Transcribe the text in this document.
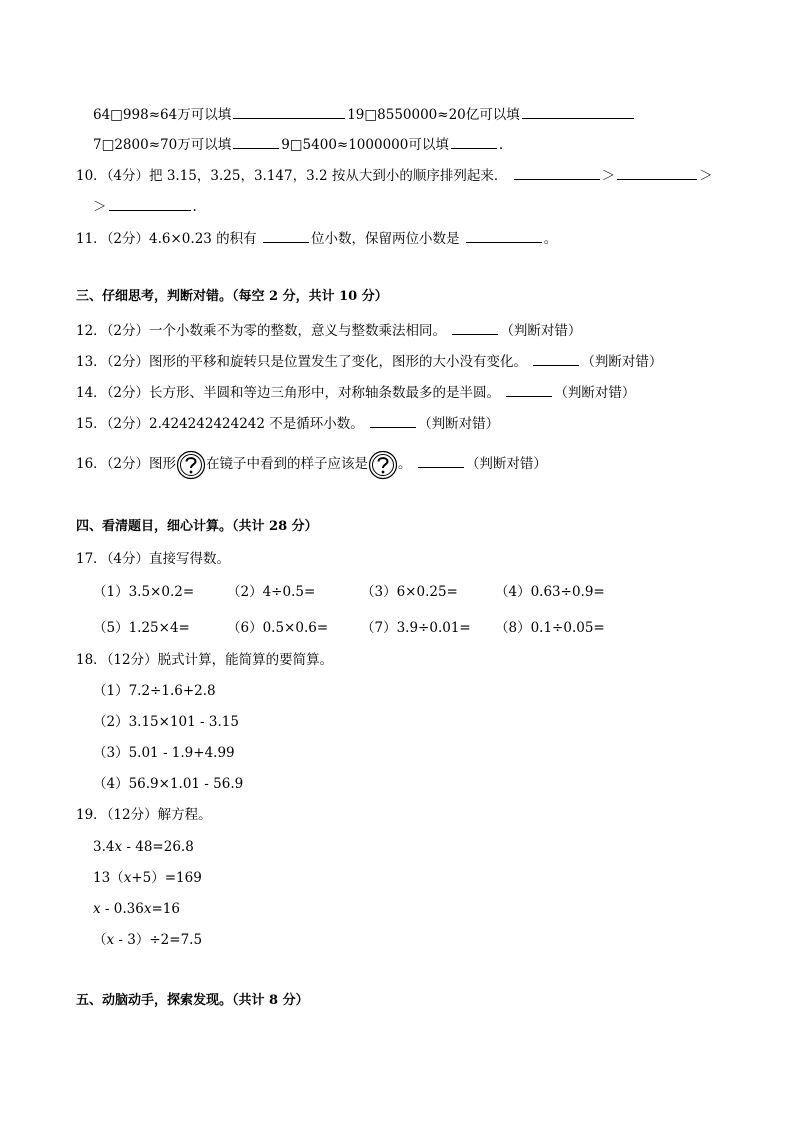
64□998≈64万可以填	19□8550000≈20亿可以填
7□2800≈70万可以填	9□5400≈1000000可以填	.
10．（4分）把 3.15，3.25，3.147，3.2 按从大到小的顺序排列起来．	＞	＞
＞	.
11．（2分）4.6×0.23 的积有	位小数，保留两位小数是	。
三、仔细思考，判断对错。（每空 2 分，共计 10 分）
12．（2分）一个小数乘不为零的整数，意义与整数乘法相同。	（判断对错）
13．（2分）图形的平移和旋转只是位置发生了变化，图形的大小没有变化。	（判断对错）
14．（2分）长方形、半圆和等边三角形中，对称轴条数最多的是半圆。	（判断对错）
15．（2分）2.424242424242 不是循环小数。	（判断对错）
16．（2分）图形 在镜子中看到的样子应该是 。	（判断对错）
四、看清题目，细心计算。（共计 28 分）
17．（4分）直接写得数。
（1）3.5×0.2= （2）4÷0.5=	（3）6×0.25=	（4）0.63÷0.9=
（5）1.25×4=	（6）0.5×0.6= （7）3.9÷0.01= （8）0.1÷0.05=
18．（12分）脱式计算，能简算的要简算。
（1）7.2÷1.6+2.8
（2）3.15×101 - 3.15
（3）5.01 - 1.9+4.99
（4）56.9×1.01 - 56.9
19．（12分）解方程。
3.4x - 48=26.8
13（x+5）=169
x - 0.36x=16
（x - 3）÷2=7.5
五、动脑动手，探索发现。（共计 8 分）
